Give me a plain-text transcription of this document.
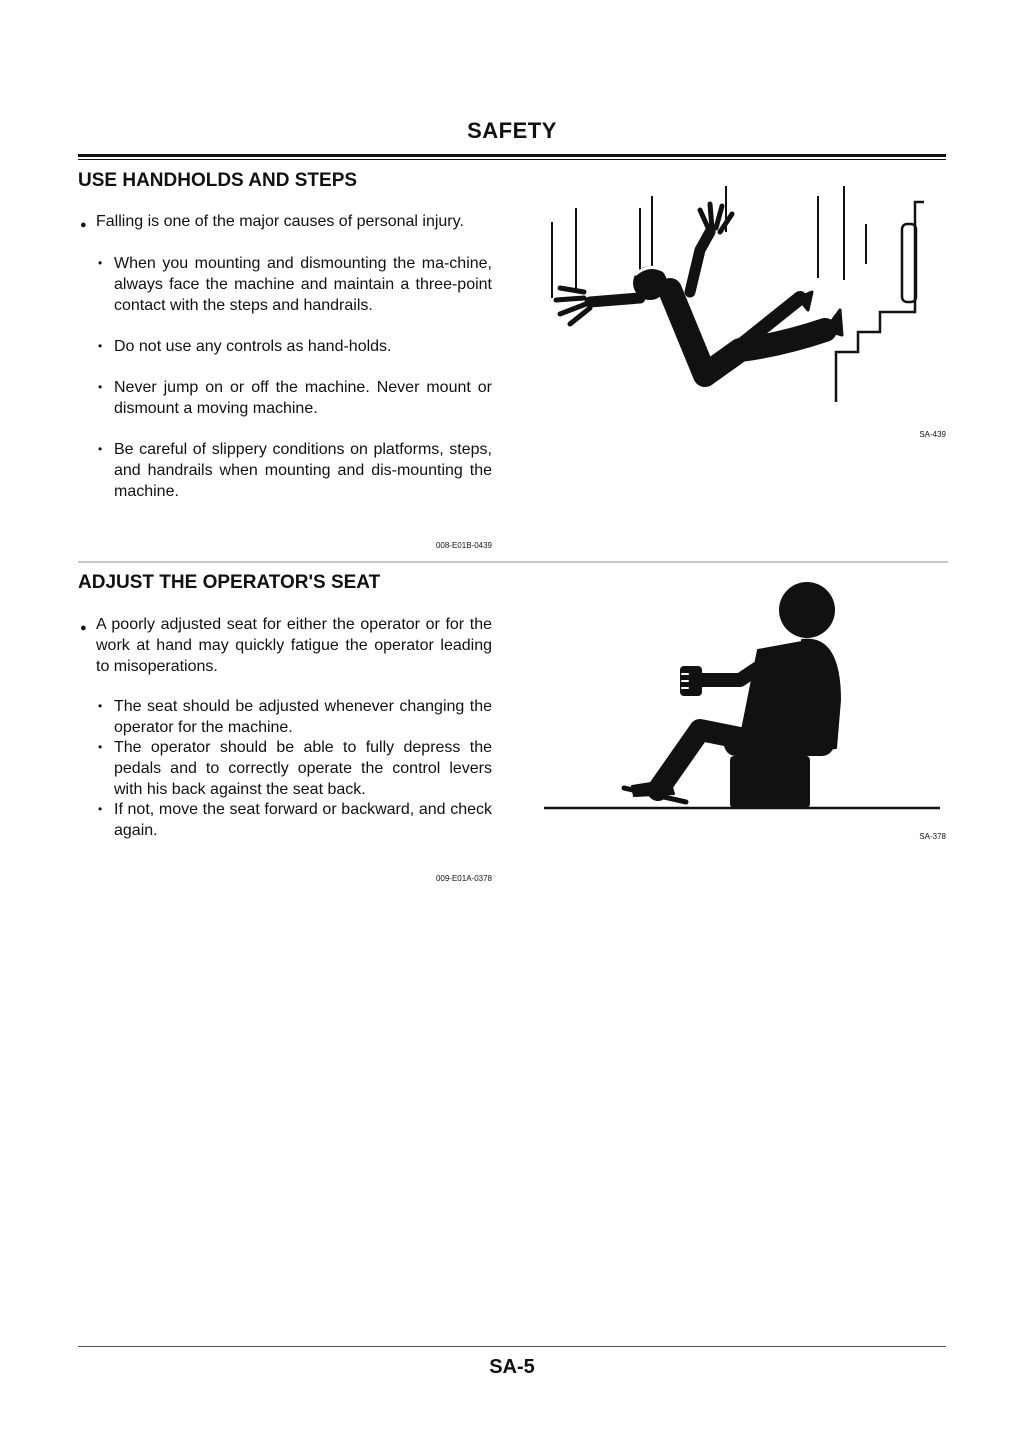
SAFETY
USE HANDHOLDS AND STEPS
● Falling is one of the major causes of personal injury.
• When you mounting and dismounting the ma-chine, always face the machine and maintain a three-point contact with the steps and handrails.
• Do not use any controls as hand-holds.
• Never jump on or off the machine. Never mount or dismount a moving machine.
• Be careful of slippery conditions on platforms, steps, and handrails when mounting and dis-mounting the machine.
008-E01B-0439
SA-439
ADJUST THE OPERATOR'S SEAT
● A poorly adjusted seat for either the operator or for the work at hand may quickly fatigue the operator leading to misoperations.
• The seat should be adjusted whenever changing the operator for the machine.
• The operator should be able to fully depress the pedals and to correctly operate the control levers with his back against the seat back.
• If not, move the seat forward or backward, and check again.
009-E01A-0378
SA-378
SA-5
